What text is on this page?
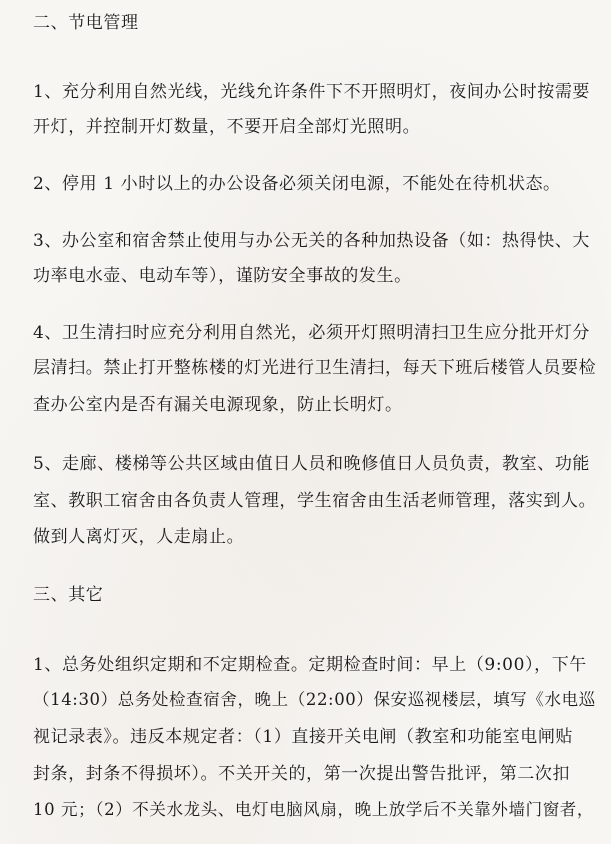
二、节电管理
1、充分利用自然光线，光线允许条件下不开照明灯，夜间办公时按需要
开灯，并控制开灯数量，不要开启全部灯光照明。
2、停用 1 小时以上的办公设备必须关闭电源，不能处在待机状态。
3、办公室和宿舍禁止使用与办公无关的各种加热设备（如：热得快、大
功率电水壶、电动车等），谨防安全事故的发生。
4、卫生清扫时应充分利用自然光，必须开灯照明清扫卫生应分批开灯分
层清扫。禁止打开整栋楼的灯光进行卫生清扫，每天下班后楼管人员要检
查办公室内是否有漏关电源现象，防止长明灯。
5、走廊、楼梯等公共区域由值日人员和晚修值日人员负责，教室、功能
室、教职工宿舍由各负责人管理，学生宿舍由生活老师管理，落实到人。
做到人离灯灭，人走扇止。
三、其它
1、总务处组织定期和不定期检查。定期检查时间：早上（9:00），下午
（14:30）总务处检查宿舍，晚上（22:00）保安巡视楼层，填写《水电巡
视记录表》。违反本规定者：（1）直接开关电闸（教室和功能室电闸贴
封条，封条不得损坏）。不关开关的，第一次提出警告批评，第二次扣
10 元；（2）不关水龙头、电灯电脑风扇，晚上放学后不关靠外墙门窗者，
